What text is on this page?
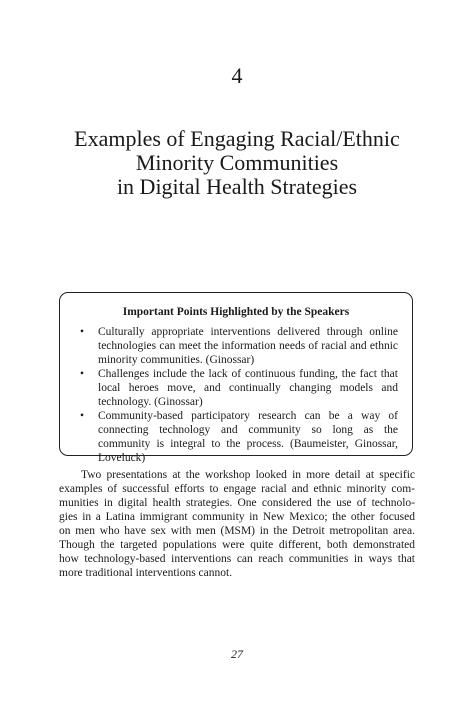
4
Examples of Engaging Racial/Ethnic
Minority Communities
in Digital Health Strategies
Important Points Highlighted by the Speakers
• Culturally appropriate interventions delivered through online technologies can meet the information needs of racial and ethnic minority communities. (Ginossar)
• Challenges include the lack of continuous funding, the fact that local heroes move, and continually changing models and technology. (Ginossar)
• Community-based participatory research can be a way of connecting technology and community so long as the community is integral to the process. (Baumeister, Ginossar, Loveluck)
Two presentations at the workshop looked in more detail at specific
examples of successful efforts to engage racial and ethnic minority com-
munities in digital health strategies. One considered the use of technolo-
gies in a Latina immigrant community in New Mexico; the other focused
on men who have sex with men (MSM) in the Detroit metropolitan area.
Though the targeted populations were quite different, both demonstrated
how technology-based interventions can reach communities in ways that
more traditional interventions cannot.
27
